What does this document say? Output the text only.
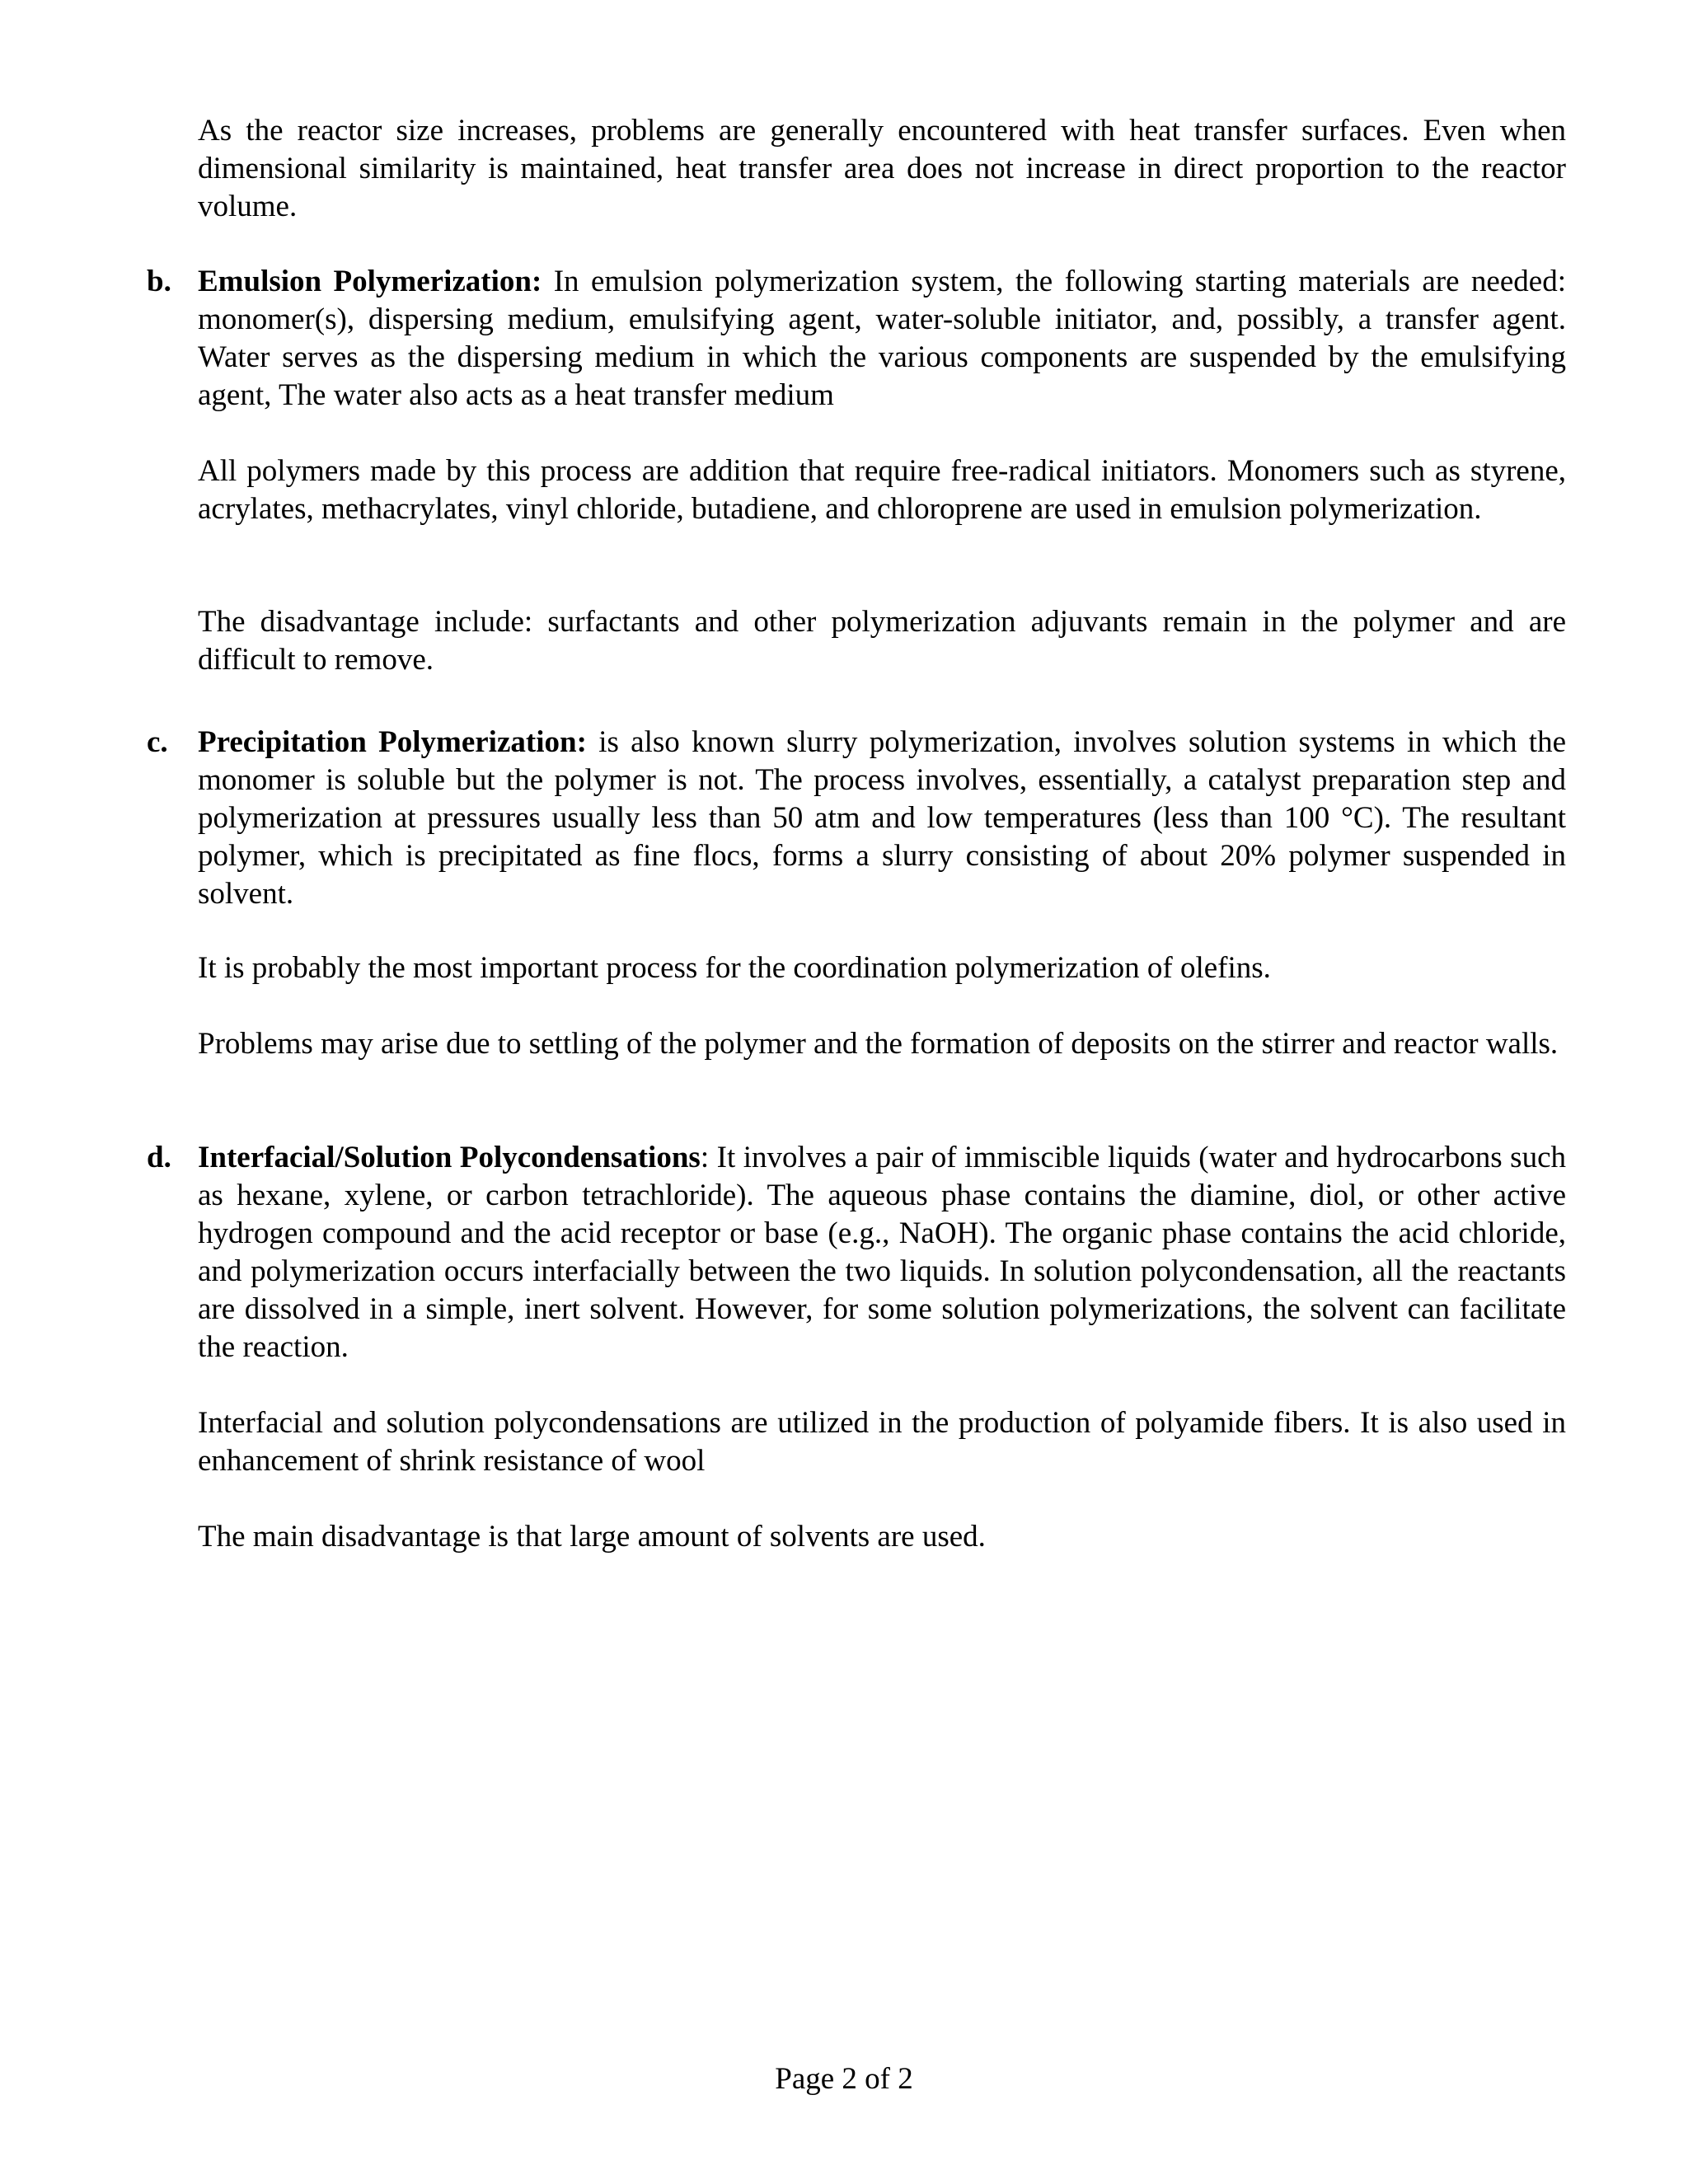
As the reactor size increases, problems are generally encountered with heat transfer surfaces. Even when dimensional similarity is maintained, heat transfer area does not increase in direct proportion to the reactor volume.

b. Emulsion Polymerization: In emulsion polymerization system, the following starting materials are needed: monomer(s), dispersing medium, emulsifying agent, water-soluble initiator, and, possibly, a transfer agent. Water serves as the dispersing medium in which the various components are suspended by the emulsifying agent, The water also acts as a heat transfer medium

All polymers made by this process are addition that require free-radical initiators. Monomers such as styrene, acrylates, methacrylates, vinyl chloride, butadiene, and chloroprene are used in emulsion polymerization.

The disadvantage include: surfactants and other polymerization adjuvants remain in the polymer and are difficult to remove.

c. Precipitation Polymerization: is also known slurry polymerization, involves solution systems in which the monomer is soluble but the polymer is not. The process involves, essentially, a catalyst preparation step and polymerization at pressures usually less than 50 atm and low temperatures (less than 100 °C). The resultant polymer, which is precipitated as fine flocs, forms a slurry consisting of about 20% polymer suspended in solvent.

It is probably the most important process for the coordination polymerization of olefins.

Problems may arise due to settling of the polymer and the formation of deposits on the stirrer and reactor walls.

d. Interfacial/Solution Polycondensations: It involves a pair of immiscible liquids (water and hydrocarbons such as hexane, xylene, or carbon tetrachloride). The aqueous phase contains the diamine, diol, or other active hydrogen compound and the acid receptor or base (e.g., NaOH). The organic phase contains the acid chloride, and polymerization occurs interfacially between the two liquids. In solution polycondensation, all the reactants are dissolved in a simple, inert solvent. However, for some solution polymerizations, the solvent can facilitate the reaction.

Interfacial and solution polycondensations are utilized in the production of polyamide fibers. It is also used in enhancement of shrink resistance of wool

The main disadvantage is that large amount of solvents are used.

Page 2 of 2
